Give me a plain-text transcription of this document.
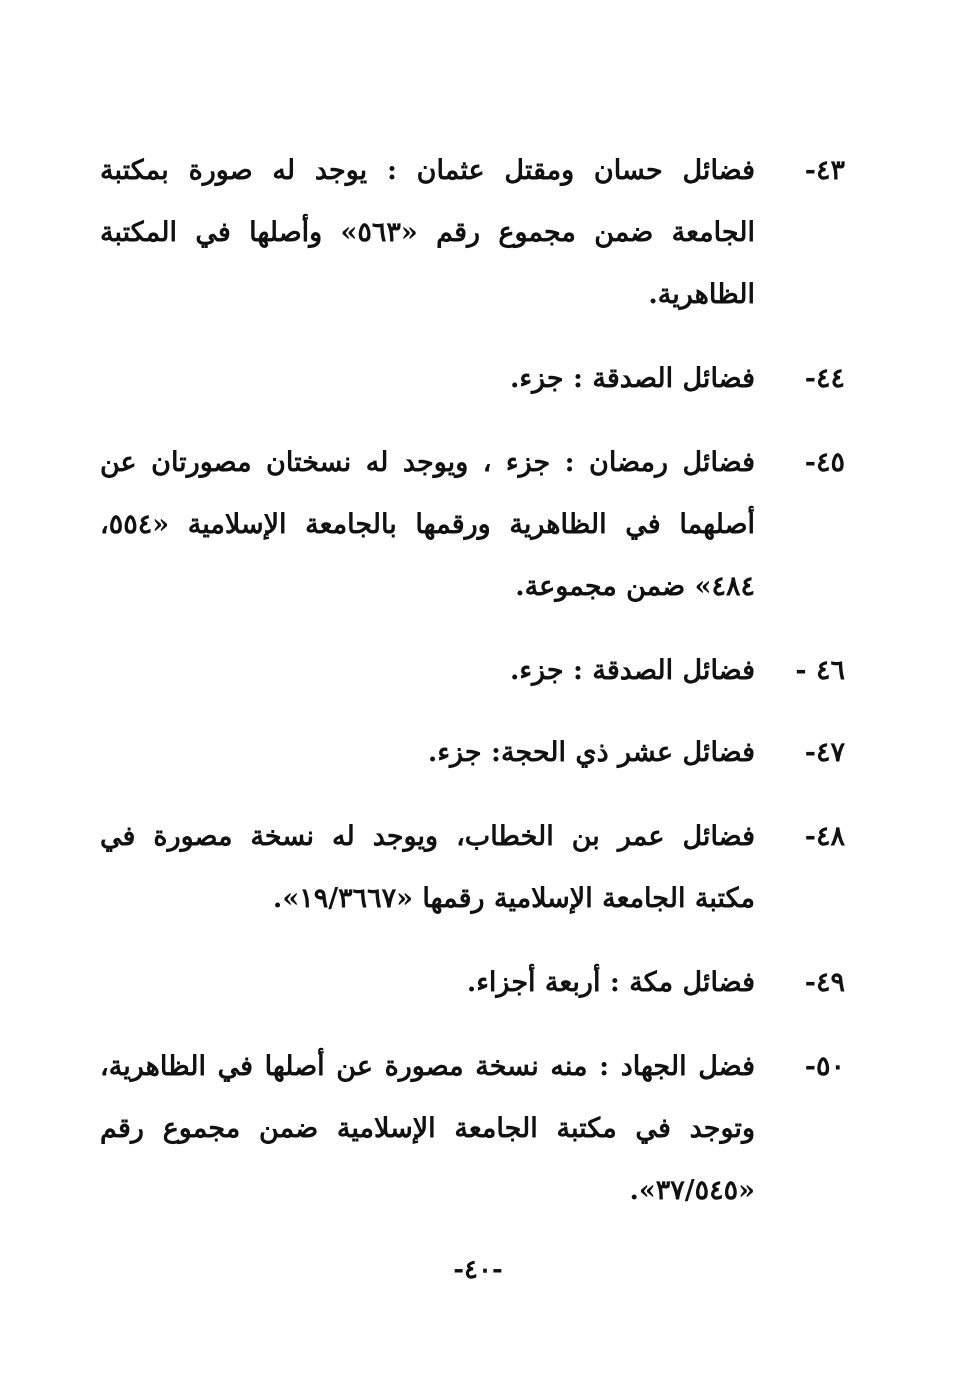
٤٣-
فضائل حسان ومقتل عثمان : يوجد له صورة بمكتبة الجامعة ضمن مجموع رقم «٥٦٣» وأصلها في المكتبة الظاهرية.
٤٤-
فضائل الصدقة : جزء.
٤٥-
فضائل رمضان : جزء ، ويوجد له نسختان مصورتان عن أصلهما في الظاهرية ورقمها بالجامعة الإسلامية «٥٥٤، ٤٨٤» ضمن مجموعة.
٤٦ -
فضائل الصدقة : جزء.
٤٧-
فضائل عشر ذي الحجة: جزء.
٤٨-
فضائل عمر بن الخطاب، ويوجد له نسخة مصورة في مكتبة الجامعة الإسلامية رقمها «١٩/٣٦٦٧».
٤٩-
فضائل مكة : أربعة أجزاء.
٥٠-
فضل الجهاد : منه نسخة مصورة عن أصلها في الظاهرية، وتوجد في مكتبة الجامعة الإسلامية ضمن مجموع رقم «٣٧/٥٤٥».
-٤٠-
